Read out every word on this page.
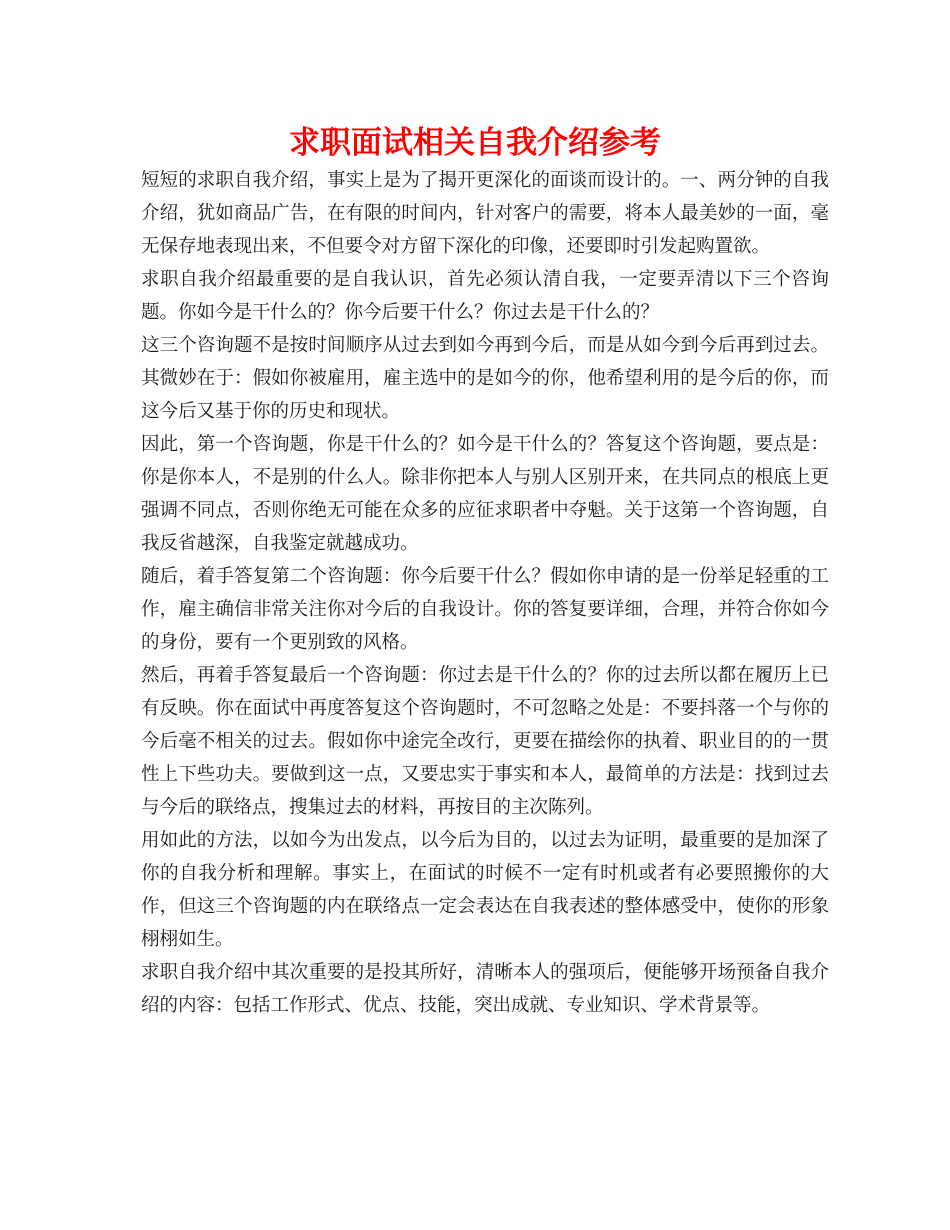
求职面试相关自我介绍参考

短短的求职自我介绍，事实上是为了揭开更深化的面谈而设计的。一、两分钟的自我介绍，犹如商品广告，在有限的时间内，针对客户的需要，将本人最美妙的一面，毫无保存地表现出来，不但要令对方留下深化的印像，还要即时引发起购置欲。

求职自我介绍最重要的是自我认识，首先必须认清自我，一定要弄清以下三个咨询题。你如今是干什么的？你今后要干什么？你过去是干什么的？

这三个咨询题不是按时间顺序从过去到如今再到今后，而是从如今到今后再到过去。其微妙在于：假如你被雇用，雇主选中的是如今的你，他希望利用的是今后的你，而这今后又基于你的历史和现状。

因此，第一个咨询题，你是干什么的？如今是干什么的？答复这个咨询题，要点是：你是你本人，不是别的什么人。除非你把本人与别人区别开来，在共同点的根底上更强调不同点，否则你绝无可能在众多的应征求职者中夺魁。关于这第一个咨询题，自我反省越深，自我鉴定就越成功。

随后，着手答复第二个咨询题：你今后要干什么？假如你申请的是一份举足轻重的工作，雇主确信非常关注你对今后的自我设计。你的答复要详细，合理，并符合你如今的身份，要有一个更别致的风格。

然后，再着手答复最后一个咨询题：你过去是干什么的？你的过去所以都在履历上已有反映。你在面试中再度答复这个咨询题时，不可忽略之处是：不要抖落一个与你的今后毫不相关的过去。假如你中途完全改行，更要在描绘你的执着、职业目的的一贯性上下些功夫。要做到这一点，又要忠实于事实和本人，最简单的方法是：找到过去与今后的联络点，搜集过去的材料，再按目的主次陈列。

用如此的方法，以如今为出发点，以今后为目的，以过去为证明，最重要的是加深了你的自我分析和理解。事实上，在面试的时候不一定有时机或者有必要照搬你的大作，但这三个咨询题的内在联络点一定会表达在自我表述的整体感受中，使你的形象栩栩如生。

求职自我介绍中其次重要的是投其所好，清晰本人的强项后，便能够开场预备自我介绍的内容：包括工作形式、优点、技能，突出成就、专业知识、学术背景等。
